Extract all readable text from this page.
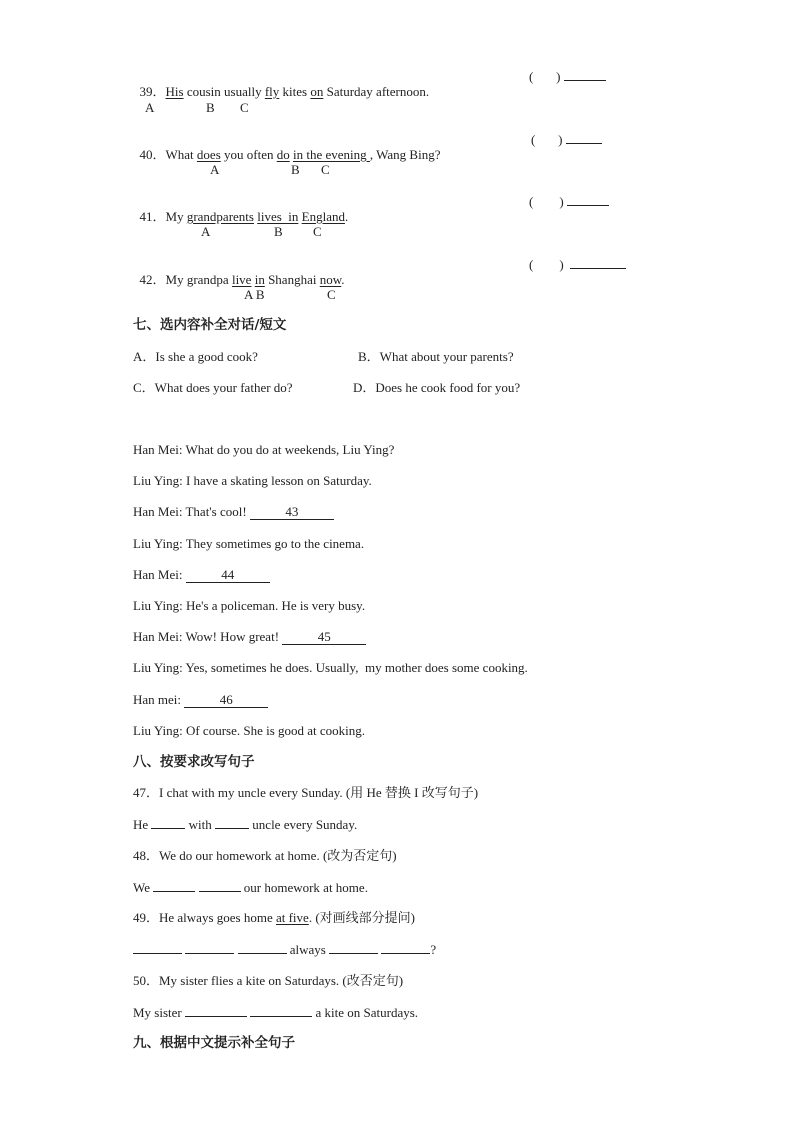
39．His cousin usually fly kites on Saturday afternoon.

(       )
A	B C

40．What does you often do in the evening , Wang Bing?

(       )
A	B C

41．My grandparents lives  in England.

(        )
A	B C

42．My grandpa live in Shanghai now.

(        )
A B	C
七、选内容补全对话/短文
A．Is she a good cook?	B．What about your parents?
C．What does your father do?	D．Does he cook food for you?
Han Mei: What do you do at weekends, Liu Ying?
Liu Ying: I have a skating lesson on Saturday.
Han Mei: That's cool!	43
Liu Ying: They sometimes go to the cinema.
Han Mei:	44
Liu Ying: He's a policeman. He is very busy.
Han Mei: Wow! How great!	45
Liu Ying: Yes, sometimes he does. Usually,  my mother does some cooking.
Han mei:	46
Liu Ying: Of course. She is good at cooking.
八、按要求改写句子
47．I chat with my uncle every Sunday. (用 He 替换 I 改写句子)
He	with	uncle every Sunday.
48．We do our homework at home. (改为否定句)
We	our homework at home.
49．He always goes home at five. (对画线部分提问)
always	?
50．My sister flies a kite on Saturdays. (改否定句)
My sister	a kite on Saturdays.
九、根据中文提示补全句子
